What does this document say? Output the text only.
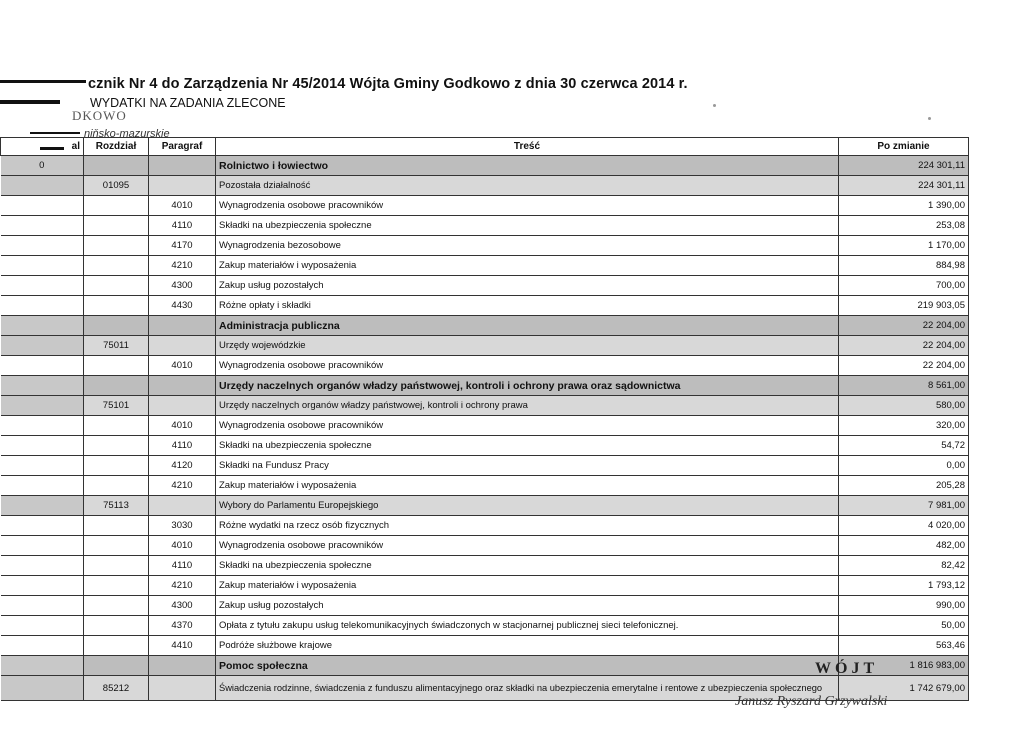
cznik Nr 4 do Zarządzenia Nr 45/2014 Wójta Gminy Godkowo z dnia 30 czerwca 2014 r.
WYDATKI NA ZADANIA ZLECONE
DKOWO
niňsko-mazurskie
al	Rozdział	Paragraf	Treść	Po zmianie
0			Rolnictwo i łowiectwo	224 301,11
	01095		Pozostała działalność	224 301,11
		4010	Wynagrodzenia osobowe pracowników	1 390,00
		4110	Składki na ubezpieczenia społeczne	253,08
		4170	Wynagrodzenia bezosobowe	1 170,00
		4210	Zakup materiałów i wyposażenia	884,98
		4300	Zakup usług pozostałych	700,00
		4430	Różne opłaty i składki	219 903,05
			Administracja publiczna	22 204,00
	75011		Urzędy wojewódzkie	22 204,00
		4010	Wynagrodzenia osobowe pracowników	22 204,00
			Urzędy naczelnych organów władzy państwowej, kontroli i ochrony prawa oraz sądownictwa	8 561,00
	75101		Urzędy naczelnych organów władzy państwowej, kontroli i ochrony prawa	580,00
		4010	Wynagrodzenia osobowe pracowników	320,00
		4110	Składki na ubezpieczenia społeczne	54,72
		4120	Składki na Fundusz Pracy	0,00
		4210	Zakup materiałów i wyposażenia	205,28
	75113		Wybory do Parlamentu Europejskiego	7 981,00
		3030	Różne wydatki na rzecz osób fizycznych	4 020,00
		4010	Wynagrodzenia osobowe pracowników	482,00
		4110	Składki na ubezpieczenia społeczne	82,42
		4210	Zakup materiałów i wyposażenia	1 793,12
		4300	Zakup usług pozostałych	990,00
		4370	Opłata z tytułu zakupu usług telekomunikacyjnych świadczonych w stacjonarnej publicznej sieci telefonicznej.	50,00
		4410	Podróże służbowe krajowe	563,46
			Pomoc społeczna	1 816 983,00
	85212		Świadczenia rodzinne, świadczenia z funduszu alimentacyjnego oraz składki na ubezpieczenia emerytalne i rentowe z ubezpieczenia społecznego	1 742 679,00
WÓJT
Janusz Ryszard Grzywalski
